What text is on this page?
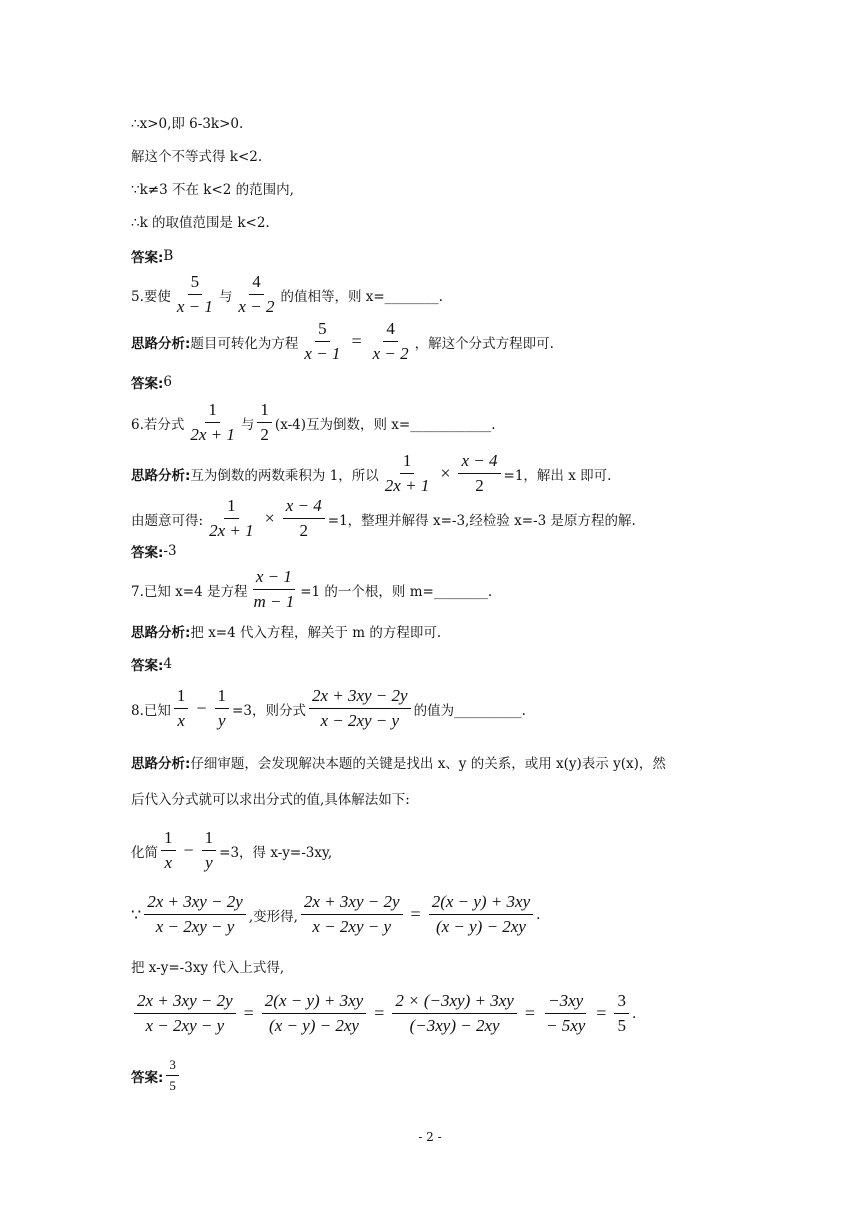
∴x>0,即 6-3k>0.
解这个不等式得 k<2.
∵k≠3 不在 k<2 的范围内,
∴k 的取值范围是 k<2.
答案: B
5.要使 $\frac{5}{x - 1}$ 与 $\frac{4}{x - 2}$ 的值相等，则 x=________.
思路分析: 题目可转化为方程 $\frac{5}{x - 1} = \frac{4}{x - 2}$ ，解这个分式方程即可.
答案: 6
6.若分式 $\frac{1}{2x + 1}$ 与 $\frac{1}{2} (x-4)$互为倒数，则 x=____________.
思路分析: 互为倒数的两数乘积为 1，所以 $\frac{1}{2x + 1} \times \frac{x - 4}{2} =1$，解出 x 即可.
由题意可得: $\frac{1}{2x + 1} \times \frac{x - 4}{2} =1$，整理并解得 x=-3,经检验 x=-3 是原方程的解.
答案: -3
7.已知 x=4 是方程 $\frac{x - 1}{m - 1} =1$ 的一个根，则 m=________.
思路分析: 把 x=4 代入方程，解关于 m 的方程即可.
答案: 4
8.已知 $\frac{1}{x} - \frac{1}{y} =3$，则分式 $\frac{2x + 3xy - 2y}{x - 2xy - y}$ 的值为__________.
思路分析: 仔细审题，会发现解决本题的关键是找出 x、y 的关系，或用 x(y)表示 y(x)，然
后代入分式就可以求出分式的值,具体解法如下:
化简 $\frac{1}{x} - \frac{1}{y} =3$，得 x-y=-3xy,
∵ $\frac{2x + 3xy - 2y}{x - 2xy - y}$ ,变形得, $\frac{2x + 3xy - 2y}{x - 2xy - y} = \frac{2(x - y) + 3xy}{(x - y) - 2xy}$ .
把 x-y=-3xy 代入上式得,
$\frac{2x + 3xy - 2y}{x - 2xy - y} = \frac{2(x - y) + 3xy}{(x - y) - 2xy} = \frac{2 \times (-3xy) + 3xy}{(-3xy) - 2xy} = \frac{-3xy}{- 5xy} = \frac{3}{5}$ .
答案: $\frac{3}{5}$
- 2 -
